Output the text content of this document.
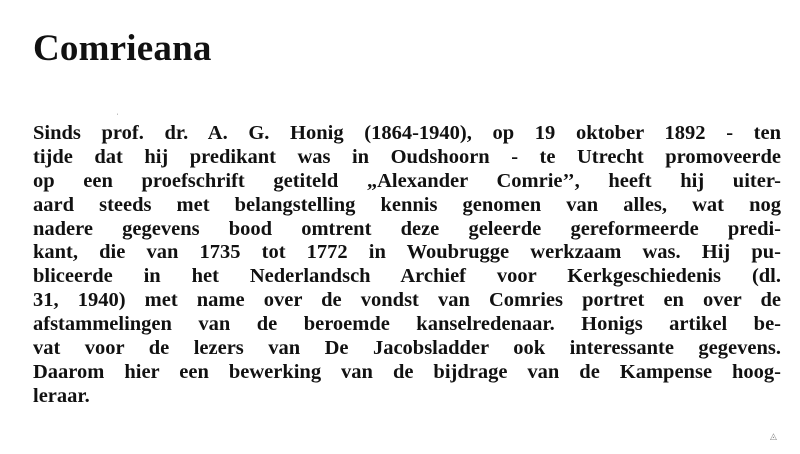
Comrieana
Sinds prof. dr. A. G. Honig (1864-1940), op 19 oktober 1892 - ten
tijde dat hij predikant was in Oudshoorn - te Utrecht promoveerde
op een proefschrift getiteld „Alexander Comrie’’, heeft hij uiter-
aard steeds met belangstelling kennis genomen van alles, wat nog
nadere gegevens bood omtrent deze geleerde gereformeerde predi-
kant, die van 1735 tot 1772 in Woubrugge werkzaam was. Hij pu-
bliceerde in het Nederlandsch Archief voor Kerkgeschiedenis (dl.
31, 1940) met name over de vondst van Comries portret en over de
afstammelingen van de beroemde kanselredenaar. Honigs artikel be-
vat voor de lezers van De Jacobsladder ook interessante gegevens.
Daarom hier een bewerking van de bijdrage van de Kampense hoog-
leraar.
ˈ
◬
